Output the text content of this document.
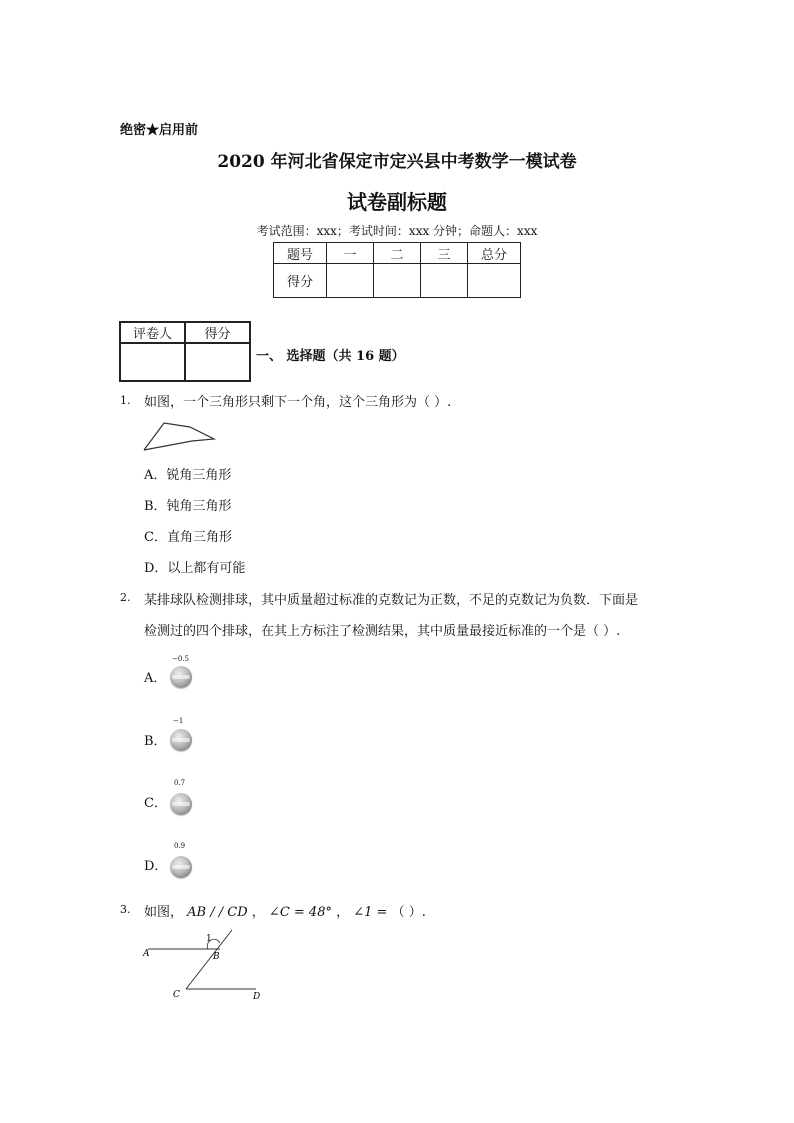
绝密★启用前
2020 年河北省保定市定兴县中考数学一模试卷
试卷副标题
考试范围：xxx；考试时间：xxx 分钟；命题人：xxx
题号	一	二	三	总分
得分				
评卷人	得分

一、 选择题（共 16 题）
1. 如图，一个三角形只剩下一个角，这个三角形为（ ）.
A．锐角三角形
B．钝角三角形
C．直角三角形
D．以上都有可能
2. 某排球队检测排球，其中质量超过标准的克数记为正数，不足的克数记为负数．下面是
检测过的四个排球，在其上方标注了检测结果，其中质量最接近标准的一个是（ ）.
A．
−0.5
B．
−1
C．
0.7
D．
0.9
3. 如图， AB / / CD ， ∠C = 48° ， ∠1 = （ ）.
A	B
C	D
1
